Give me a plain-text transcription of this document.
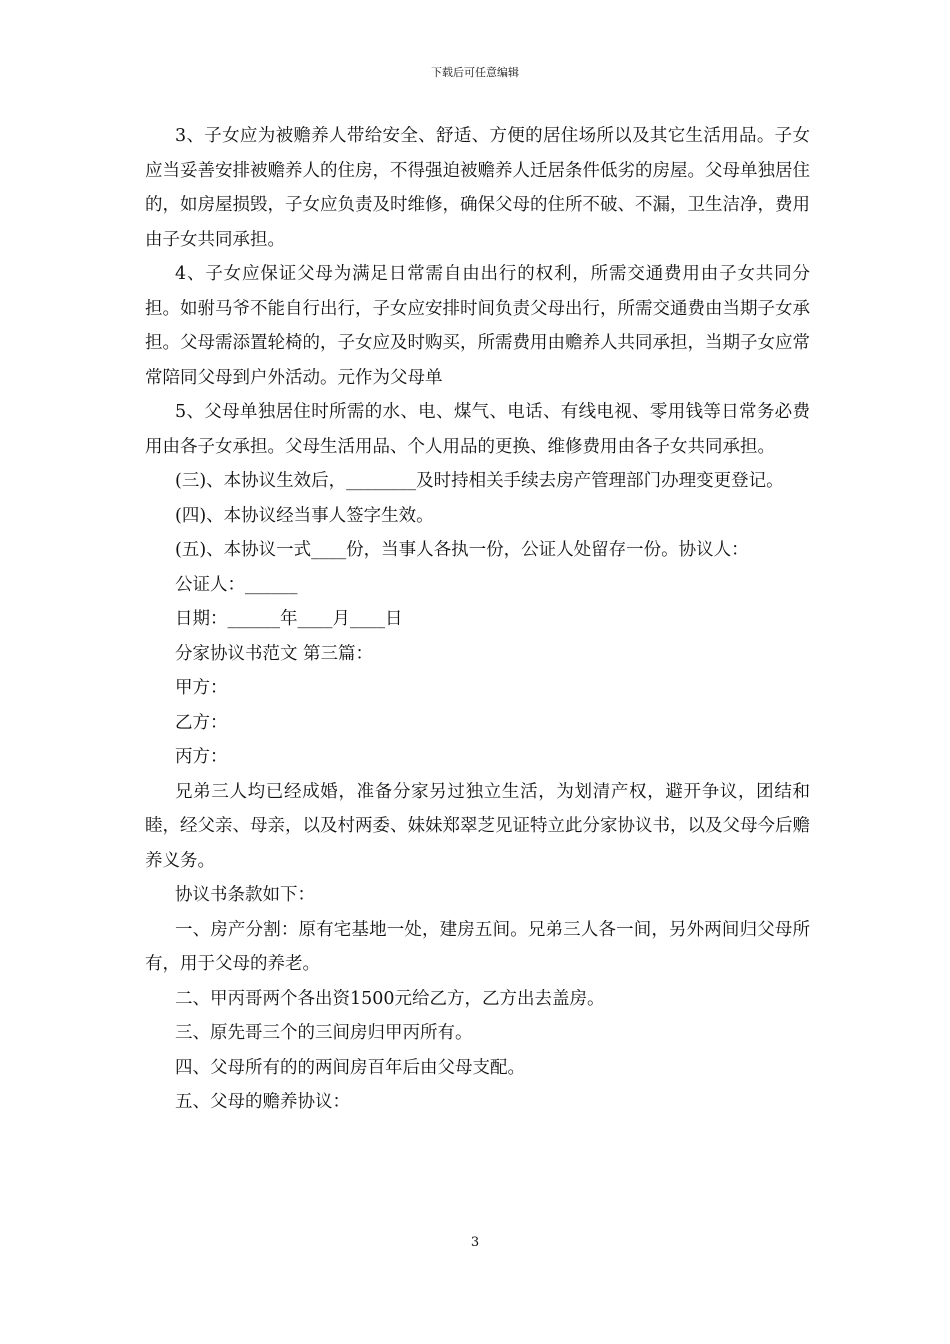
下载后可任意编辑

3、子女应为被赡养人带给安全、舒适、方便的居住场所以及其它生活用品。子女应当妥善安排被赡养人的住房，不得强迫被赡养人迁居条件低劣的房屋。父母单独居住的，如房屋损毁，子女应负责及时维修，确保父母的住所不破、不漏，卫生洁净，费用由子女共同承担。

4、子女应保证父母为满足日常需自由出行的权利，所需交通费用由子女共同分担。如驸马爷不能自行出行，子女应安排时间负责父母出行，所需交通费由当期子女承担。父母需添置轮椅的，子女应及时购买，所需费用由赡养人共同承担，当期子女应常常陪同父母到户外活动。元作为父母单

5、父母单独居住时所需的水、电、煤气、电话、有线电视、零用钱等日常务必费用由各子女承担。父母生活用品、个人用品的更换、维修费用由各子女共同承担。

(三)、本协议生效后，________及时持相关手续去房产管理部门办理变更登记。

(四)、本协议经当事人签字生效。

(五)、本协议一式____份，当事人各执一份，公证人处留存一份。协议人：

公证人：______

日期：______年____月____日

分家协议书范文 第三篇：

甲方：

乙方：

丙方：

兄弟三人均已经成婚，准备分家另过独立生活，为划清产权，避开争议，团结和睦，经父亲、母亲，以及村两委、妹妹郑翠芝见证特立此分家协议书，以及父母今后赡养义务。

协议书条款如下：

一、房产分割：原有宅基地一处，建房五间。兄弟三人各一间，另外两间归父母所有，用于父母的养老。

二、甲丙哥两个各出资1500元给乙方，乙方出去盖房。

三、原先哥三个的三间房归甲丙所有。

四、父母所有的的两间房百年后由父母支配。

五、父母的赡养协议：

3
